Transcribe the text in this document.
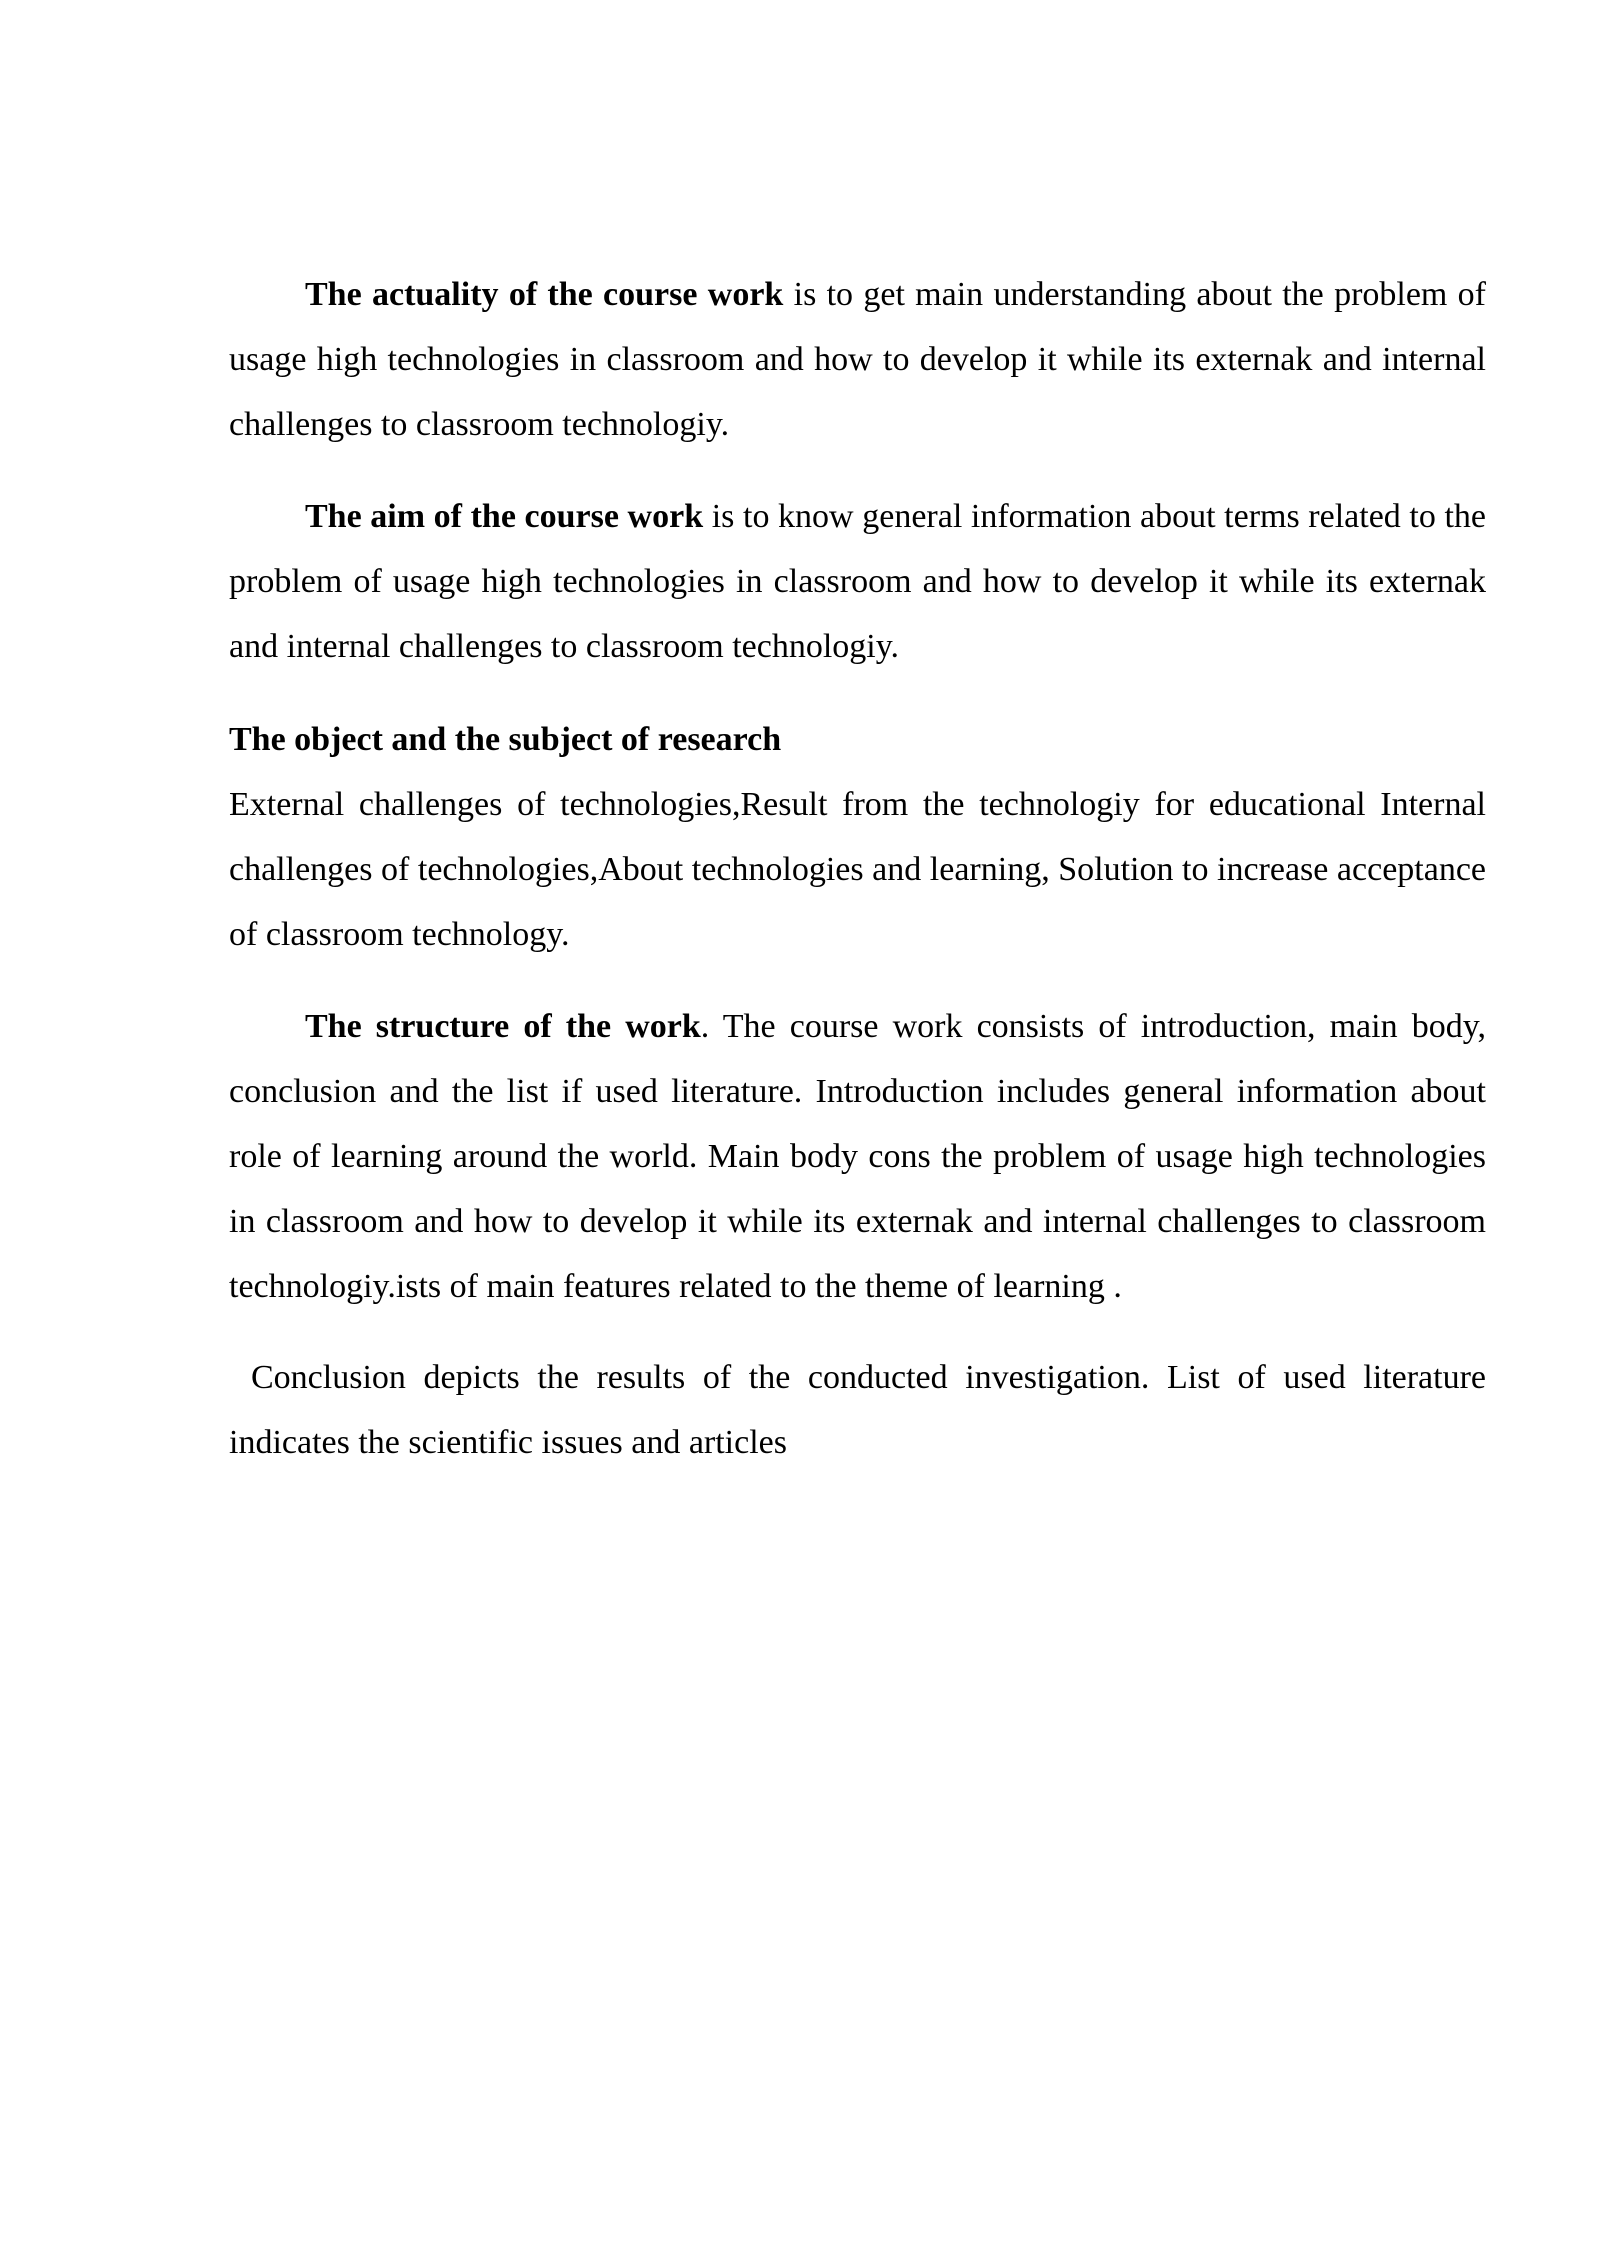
The actuality of the course work is to get main understanding about the problem of usage high technologies in classroom and how to develop it while its externak and internal challenges to classroom technologiy.

The aim of the course work is to know general information about terms related to the problem of usage high technologies in classroom and how to develop it while its externak and internal challenges to classroom technologiy.

The object and the subject of research

External challenges of technologies,Result from the technologiy for educational Internal challenges of technologies,About technologies and learning, Solution to increase acceptance of classroom technology.

The structure of the work. The course work consists of introduction, main body, conclusion and the list if used literature. Introduction includes general information about role of learning around the world. Main body cons the problem of usage high technologies in classroom and how to develop it while its externak and internal challenges to classroom technologiy.ists of main features related to the theme of learning .

Conclusion depicts the results of the conducted investigation. List of used literature indicates the scientific issues and articles
